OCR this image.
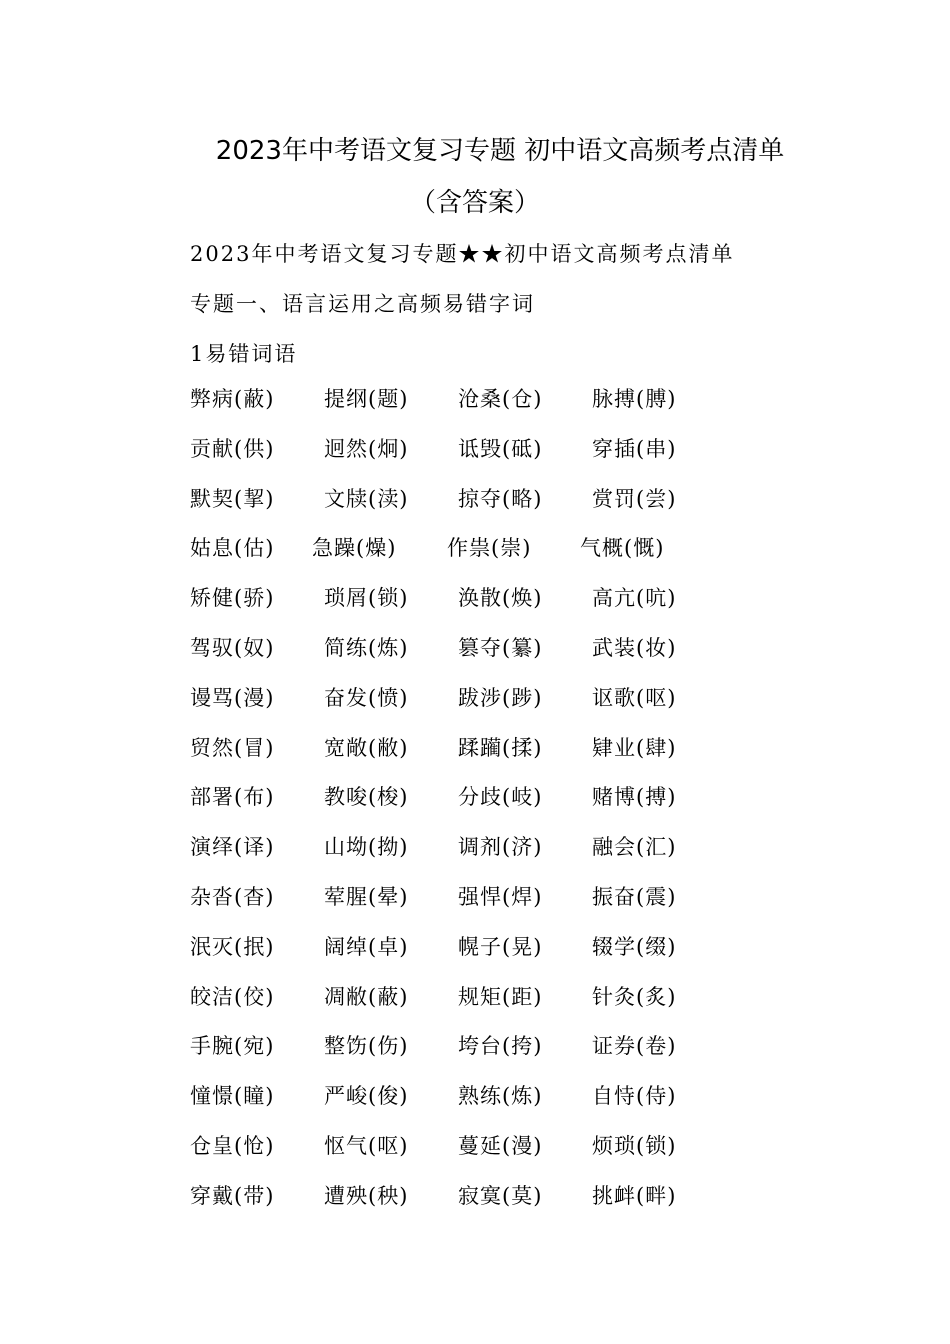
2023年中考语文复习专题 初中语文高频考点清单
（含答案）
2023年中考语文复习专题★★初中语文高频考点清单
专题一、语言运用之高频易错字词
1易错词语
弊病(蔽) 提纲(题) 沧桑(仓) 脉搏(膊)
贡献(供) 迥然(炯) 诋毁(砥) 穿插(串)
默契(挈) 文牍(渎) 掠夺(略) 赏罚(尝)
姑息(估) 急躁(燥) 作祟(崇) 气概(慨)
矫健(骄) 琐屑(锁) 涣散(焕) 高亢(吭)
驾驭(奴) 简练(炼) 篡夺(纂) 武装(妆)
谩骂(漫) 奋发(愤) 跋涉(踄) 讴歌(呕)
贸然(冒) 宽敞(敝) 蹂躏(揉) 肄业(肆)
部署(布) 教唆(梭) 分歧(岐) 赌博(搏)
演绎(译) 山坳(拗) 调剂(济) 融会(汇)
杂沓(杳) 荤腥(晕) 强悍(焊) 振奋(震)
泯灭(抿) 阔绰(卓) 幌子(晃) 辍学(缀)
皎洁(佼) 凋敝(蔽) 规矩(距) 针灸(炙)
手腕(宛) 整饬(伤) 垮台(挎) 证券(卷)
憧憬(瞳) 严峻(俊) 熟练(炼) 自恃(侍)
仓皇(怆) 怄气(呕) 蔓延(漫) 烦琐(锁)
穿戴(带) 遭殃(秧) 寂寞(莫) 挑衅(畔)
